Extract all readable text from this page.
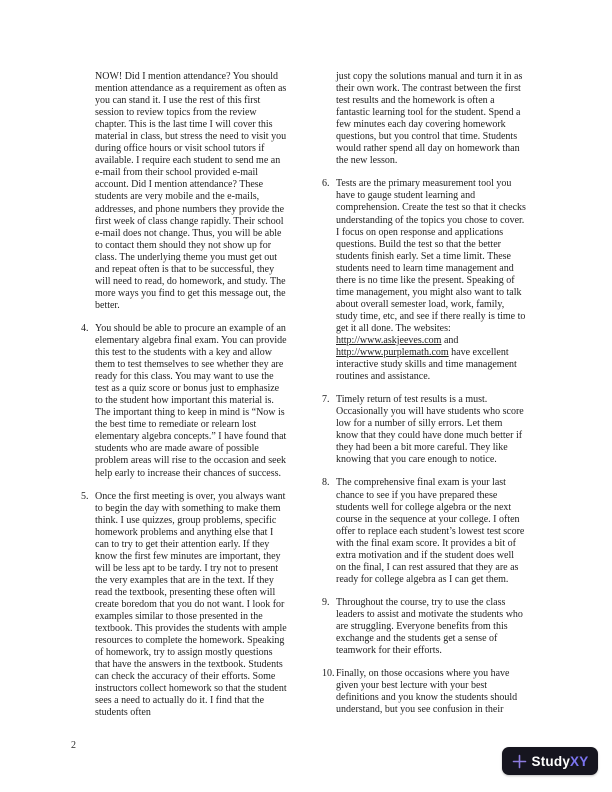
NOW! Did I mention attendance? You should mention attendance as a requirement as often as you can stand it. I use the rest of this first session to review topics from the review chapter. This is the last time I will cover this material in class, but stress the need to visit you during office hours or visit school tutors if available. I require each student to send me an e-mail from their school provided e-mail account. Did I mention attendance? These students are very mobile and the e-mails, addresses, and phone numbers they provide the first week of class change rapidly. Their school e-mail does not change. Thus, you will be able to contact them should they not show up for class. The underlying theme you must get out and repeat often is that to be successful, they will need to read, do homework, and study. The more ways you find to get this message out, the better.

4. You should be able to procure an example of an elementary algebra final exam. You can provide this test to the students with a key and allow them to test themselves to see whether they are ready for this class. You may want to use the test as a quiz score or bonus just to emphasize to the student how important this material is. The important thing to keep in mind is “Now is the best time to remediate or relearn lost elementary algebra concepts.” I have found that students who are made aware of possible problem areas will rise to the occasion and seek help early to increase their chances of success.
5. Once the first meeting is over, you always want to begin the day with something to make them think. I use quizzes, group problems, specific homework problems and anything else that I can to try to get their attention early. If they know the first few minutes are important, they will be less apt to be tardy. I try not to present the very examples that are in the text. If they read the textbook, presenting these often will create boredom that you do not want. I look for examples similar to those presented in the textbook. This provides the students with ample resources to complete the homework. Speaking of homework, try to assign mostly questions that have the answers in the textbook. Students can check the accuracy of their efforts. Some instructors collect homework so that the student sees a need to actually do it. I find that the students often

just copy the solutions manual and turn it in as their own work. The contrast between the first test results and the homework is often a fantastic learning tool for the student. Spend a few minutes each day covering homework questions, but you control that time. Students would rather spend all day on homework than the new lesson.

6. Tests are the primary measurement tool you have to gauge student learning and comprehension. Create the test so that it checks understanding of the topics you chose to cover. I focus on open response and applications questions. Build the test so that the better students finish early. Set a time limit. These students need to learn time management and there is no time like the present. Speaking of time management, you might also want to talk about overall semester load, work, family, study time, etc, and see if there really is time to get it all done. The websites: http://www.askjeeves.com and http://www.purplemath.com have excellent interactive study skills and time management routines and assistance.
7. Timely return of test results is a must. Occasionally you will have students who score low for a number of silly errors. Let them know that they could have done much better if they had been a bit more careful. They like knowing that you care enough to notice.
8. The comprehensive final exam is your last chance to see if you have prepared these students well for college algebra or the next course in the sequence at your college. I often offer to replace each student’s lowest test score with the final exam score. It provides a bit of extra motivation and if the student does well on the final, I can rest assured that they are as ready for college algebra as I can get them.
9. Throughout the course, try to use the class leaders to assist and motivate the students who are struggling. Everyone benefits from this exchange and the students get a sense of teamwork for their efforts.
10. Finally, on those occasions where you have given your best lecture with your best definitions and you know the students should understand, but you see confusion in their
2
StudyXY
